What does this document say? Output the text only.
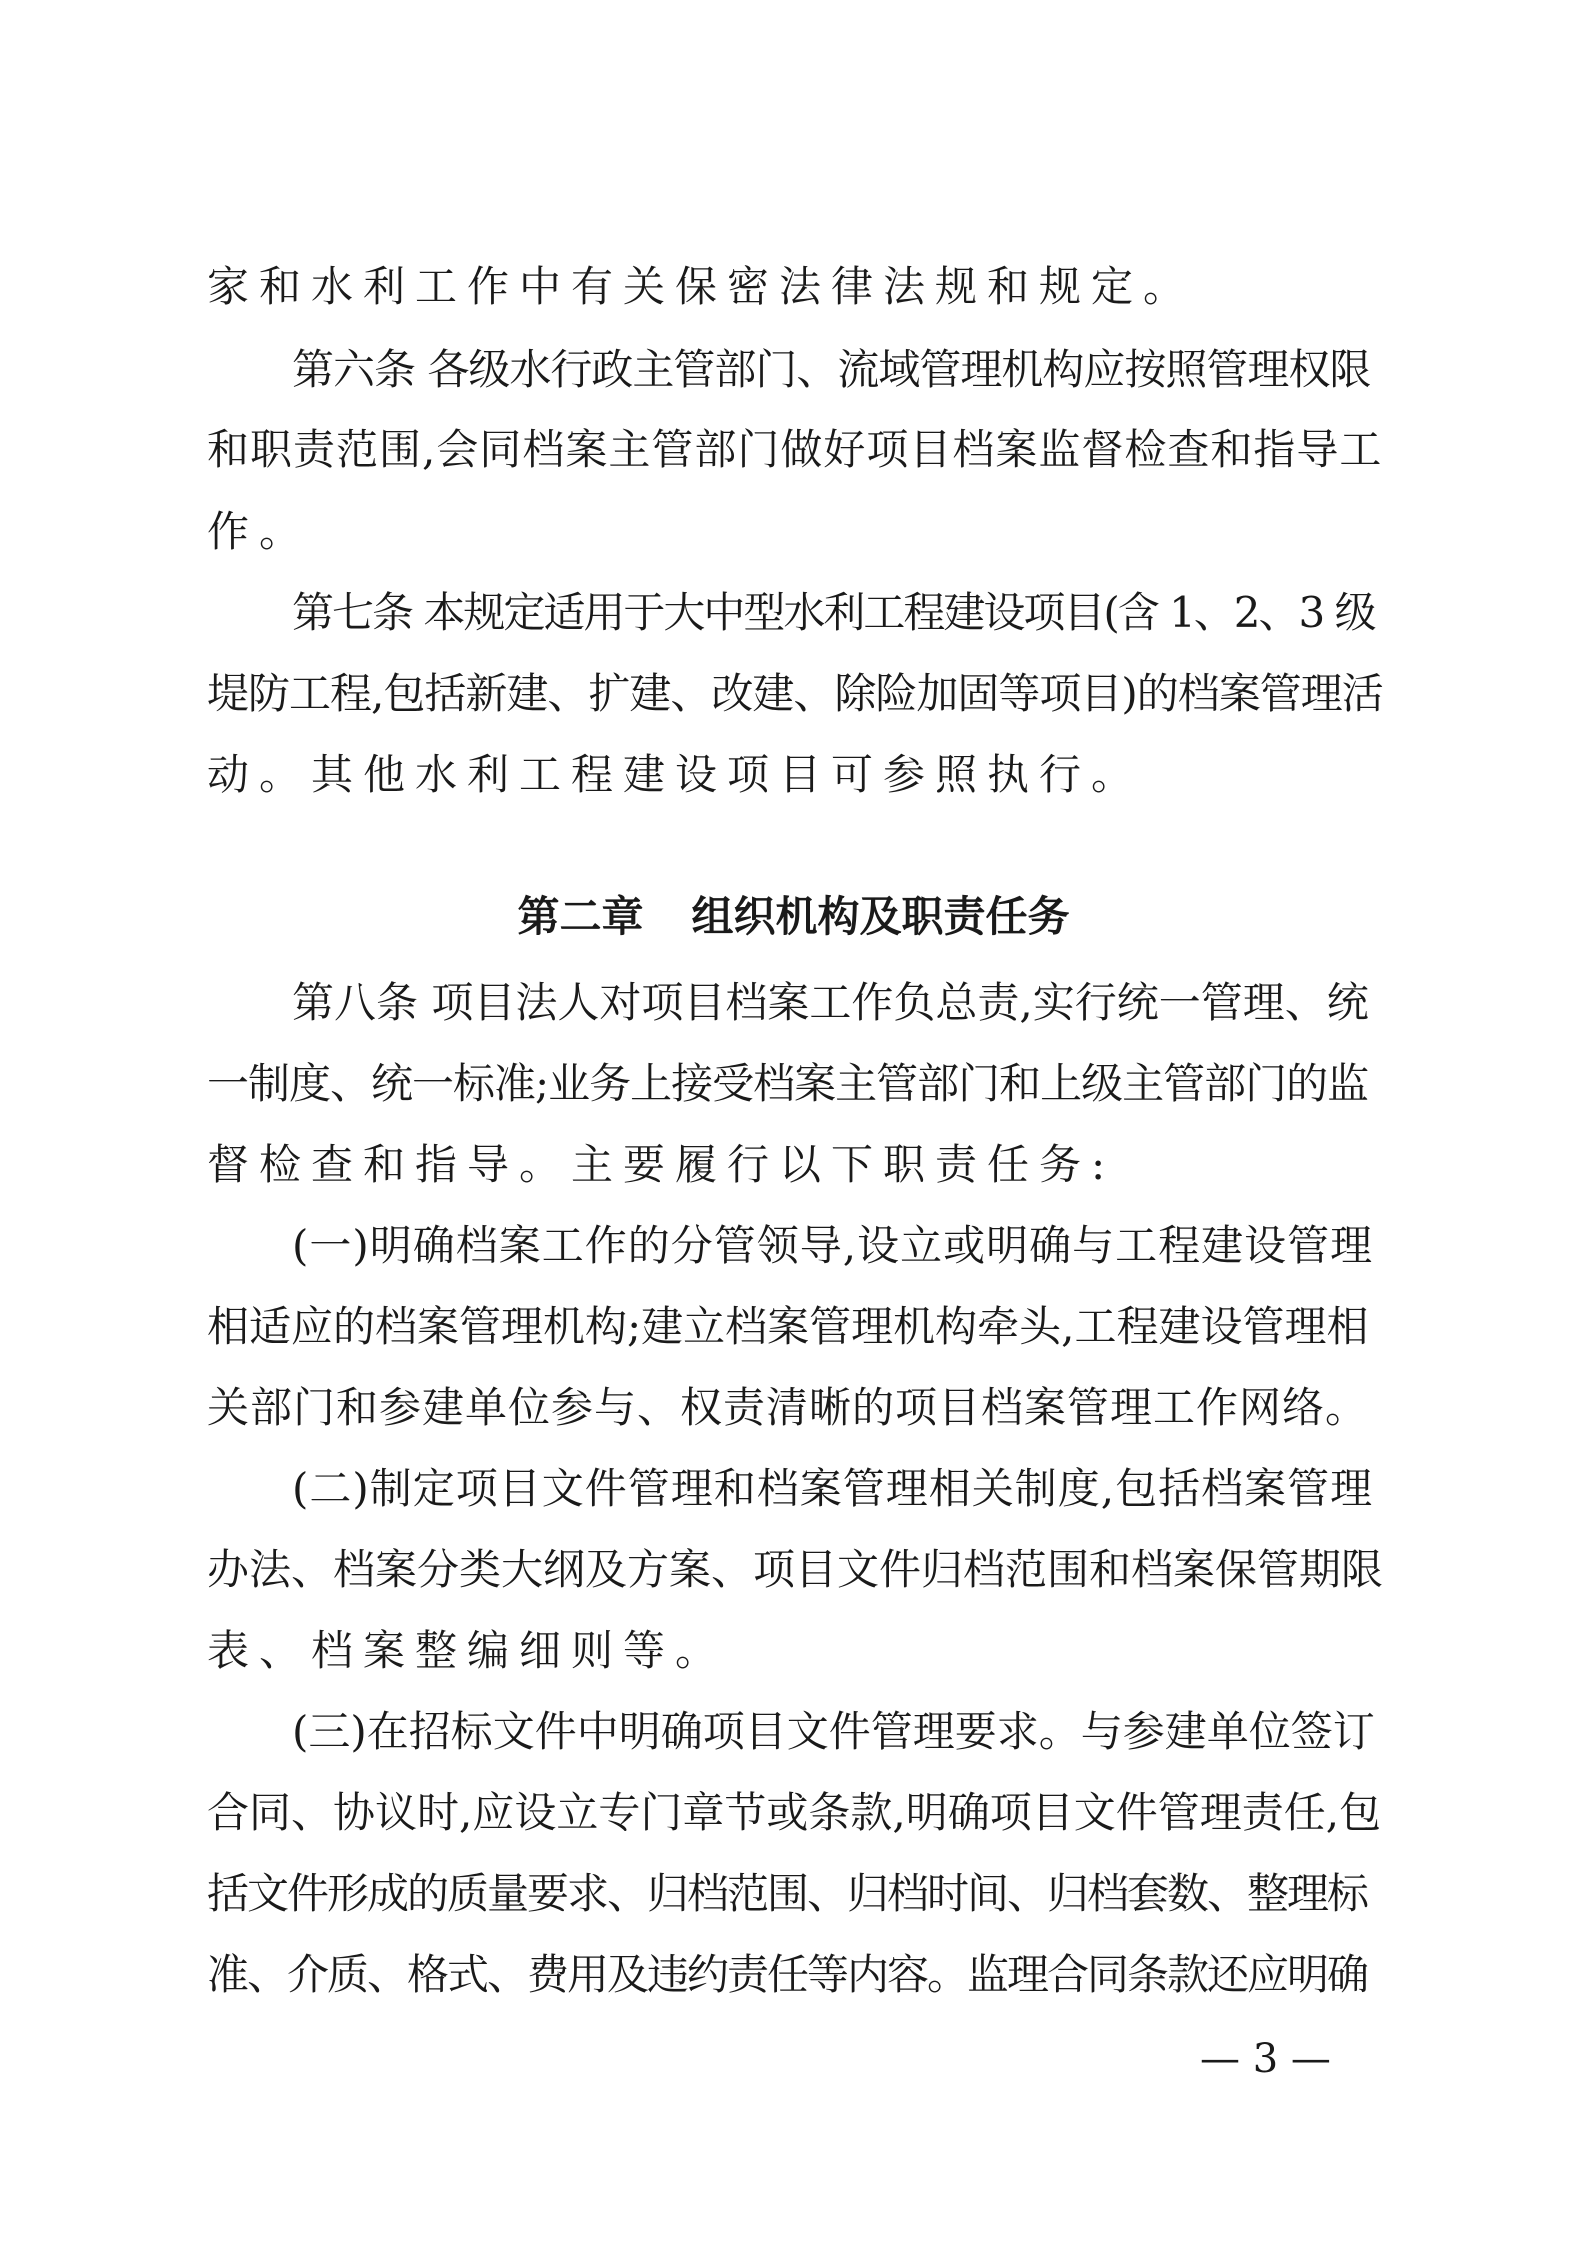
家和水利工作中有关保密法律法规和规定。
第六条 各级水行政主管部门、流域管理机构应按照管理权限
和职责范围,会同档案主管部门做好项目档案监督检查和指导工
作。
第七条 本规定适用于大中型水利工程建设项目(含 1、2、3 级
堤防工程,包括新建、扩建、改建、除险加固等项目)的档案管理活
动。其他水利工程建设项目可参照执行。
第二章 组织机构及职责任务
第八条 项目法人对项目档案工作负总责,实行统一管理、统
一制度、统一标准;业务上接受档案主管部门和上级主管部门的监
督检查和指导。主要履行以下职责任务:
(一)明确档案工作的分管领导,设立或明确与工程建设管理
相适应的档案管理机构;建立档案管理机构牵头,工程建设管理相
关部门和参建单位参与、权责清晰的项目档案管理工作网络。
(二)制定项目文件管理和档案管理相关制度,包括档案管理
办法、档案分类大纲及方案、项目文件归档范围和档案保管期限
表、档案整编细则等。
(三)在招标文件中明确项目文件管理要求。与参建单位签订
合同、协议时,应设立专门章节或条款,明确项目文件管理责任,包
括文件形成的质量要求、归档范围、归档时间、归档套数、整理标
准、介质、格式、费用及违约责任等内容。监理合同条款还应明确
— 3 —
